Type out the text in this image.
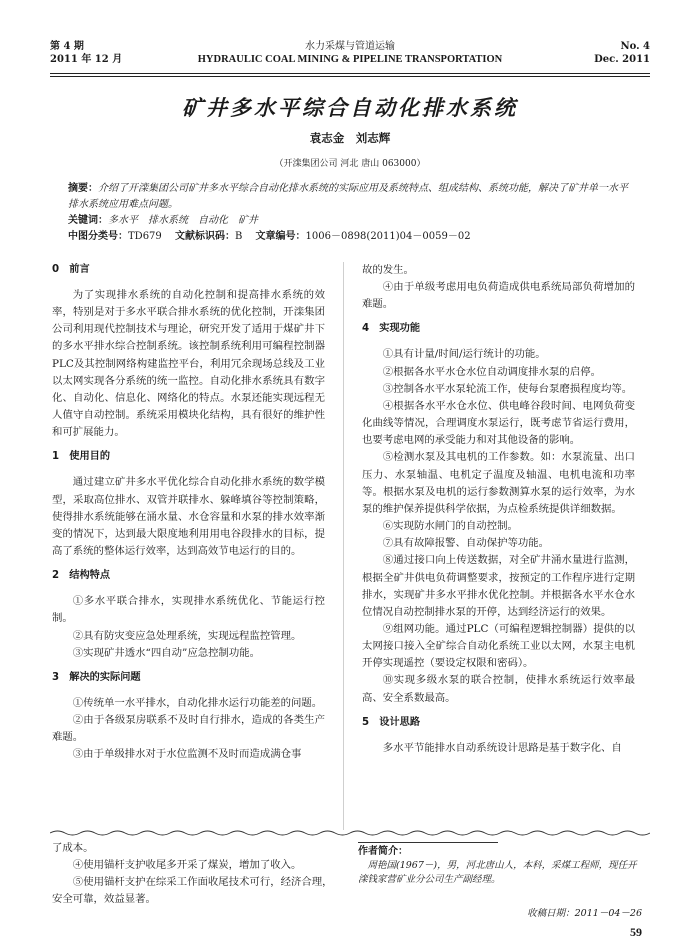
第 4 期
2011 年 12 月
水力采煤与管道运输
HYDRAULIC COAL MINING & PIPELINE TRANSPORTATION
No. 4
Dec. 2011
矿井多水平综合自动化排水系统
袁志金　刘志辉
（开滦集团公司 河北 唐山 063000）

摘要：介绍了开滦集团公司矿井多水平综合自动化排水系统的实际应用及系统特点、组成结构、系统功能，解决了矿井单一水平排水系统应用难点问题。

关键词：多水平　排水系统　自动化　矿井

中图分类号：TD679　 文献标识码：B　 文章编号：1006－0898(2011)04－0059－02

0　前言

为了实现排水系统的自动化控制和提高排水系统的效率，特别是对于多水平联合排水系统的优化控制，开滦集团公司利用现代控制技术与理论，研究开发了适用于煤矿井下的多水平排水综合控制系统。该控制系统利用可编程控制器PLC及其控制网络构建监控平台，利用冗余现场总线及工业以太网实现各分系统的统一监控。自动化排水系统具有数字化、自动化、信息化、网络化的特点。水泵还能实现远程无人值守自动控制。系统采用模块化结构，具有很好的维护性和可扩展能力。

1　使用目的

通过建立矿井多水平优化综合自动化排水系统的数学模型，采取高位排水、双管并联排水、躲峰填谷等控制策略，使得排水系统能够在涌水量、水仓容量和水泵的排水效率渐变的情况下，达到最大限度地利用用电谷段排水的目标，提高了系统的整体运行效率，达到高效节电运行的目的。

2　结构特点

①多水平联合排水，实现排水系统优化、节能运行控制。

②具有防灾变应急处理系统，实现远程监控管理。

③实现矿井透水“四自动”应急控制功能。

3　解决的实际问题

①传统单一水平排水，自动化排水运行功能差的问题。

②由于各级泵房联系不及时自行排水，造成的各类生产难题。

③由于单级排水对于水位监测不及时而造成满仓事

故的发生。

④由于单级考虑用电负荷造成供电系统局部负荷增加的难题。

4　实现功能

①具有计量/时间/运行统计的功能。

②根据各水平水仓水位自动调度排水泵的启停。

③控制各水平水泵轮流工作，使每台泵磨损程度均等。

④根据各水平水仓水位、供电峰谷段时间、电网负荷变化曲线等情况，合理调度水泵运行，既考虑节省运行费用，也要考虑电网的承受能力和对其他设备的影响。

⑤检测水泵及其电机的工作参数。如：水泵流量、出口压力、水泵轴温、电机定子温度及轴温、电机电流和功率等。根据水泵及电机的运行参数测算水泵的运行效率，为水泵的维护保养提供科学依据，为点检系统提供详细数据。

⑥实现防水闸门的自动控制。

⑦具有故障报警、自动保护等功能。

⑧通过接口向上传送数据，对全矿井涌水量进行监测，根据全矿井供电负荷调整要求，按预定的工作程序进行定期排水，实现矿井多水平排水优化控制。并根据各水平水仓水位情况自动控制排水泵的开停，达到经济运行的效果。

⑨组网功能。通过PLC（可编程逻辑控制器）提供的以太网接口接入全矿综合自动化系统工业以太网，水泵主电机开停实现遥控（要设定权限和密码）。

⑩实现多级水泵的联合控制，使排水系统运行效率最高、安全系数最高。

5　设计思路

多水平节能排水自动系统设计思路是基于数字化、自

了成本。

④使用锚杆支护收尾多开采了煤炭，增加了收入。

⑤使用锚杆支护在综采工作面收尾技术可行，经济合理，安全可靠，效益显著。

作者简介：
周艳国(1967－)，男，河北唐山人，本科，采煤工程师，现任开滦钱家营矿业分公司生产副经理。
收稿日期：2011－04－26
59
